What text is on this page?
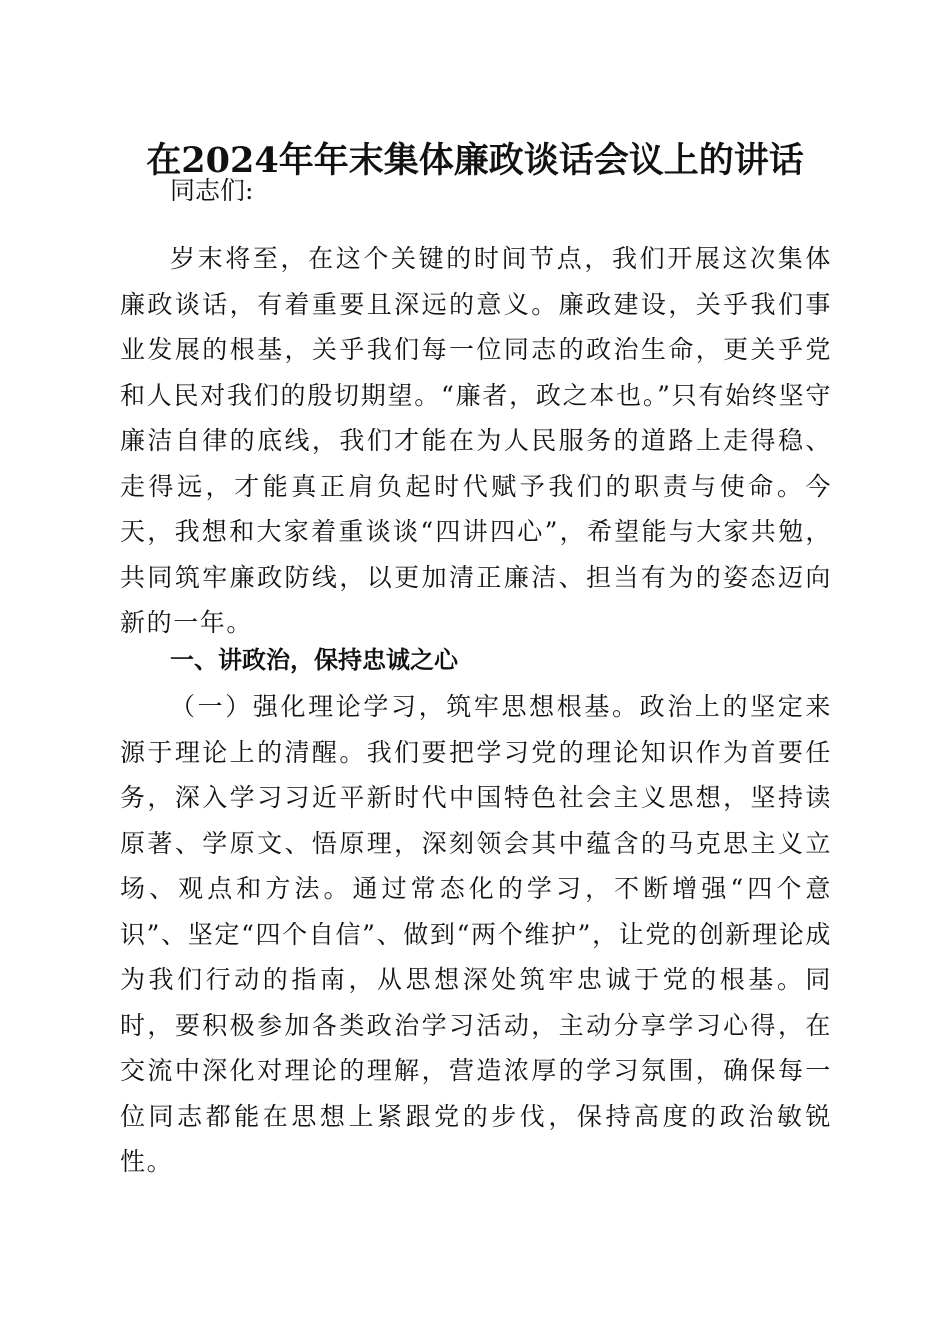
在2024年年末集体廉政谈话会议上的讲话

同志们:

岁末将至，在这个关键的时间节点，我们开展这次集体廉政谈话，有着重要且深远的意义。廉政建设，关乎我们事业发展的根基，关乎我们每一位同志的政治生命，更关乎党和人民对我们的殷切期望。“廉者，政之本也。”只有始终坚守廉洁自律的底线，我们才能在为人民服务的道路上走得稳、走得远，才能真正肩负起时代赋予我们的职责与使命。今天，我想和大家着重谈谈“四讲四心”，希望能与大家共勉，共同筑牢廉政防线，以更加清正廉洁、担当有为的姿态迈向新的一年。

一、讲政治，保持忠诚之心

（一）强化理论学习，筑牢思想根基。政治上的坚定来源于理论上的清醒。我们要把学习党的理论知识作为首要任务，深入学习习近平新时代中国特色社会主义思想，坚持读原著、学原文、悟原理，深刻领会其中蕴含的马克思主义立场、观点和方法。通过常态化的学习，不断增强“四个意识”、坚定“四个自信”、做到“两个维护”，让党的创新理论成为我们行动的指南，从思想深处筑牢忠诚于党的根基。同时，要积极参加各类政治学习活动，主动分享学习心得，在交流中深化对理论的理解，营造浓厚的学习氛围，确保每一位同志都能在思想上紧跟党的步伐，保持高度的政治敏锐性。
